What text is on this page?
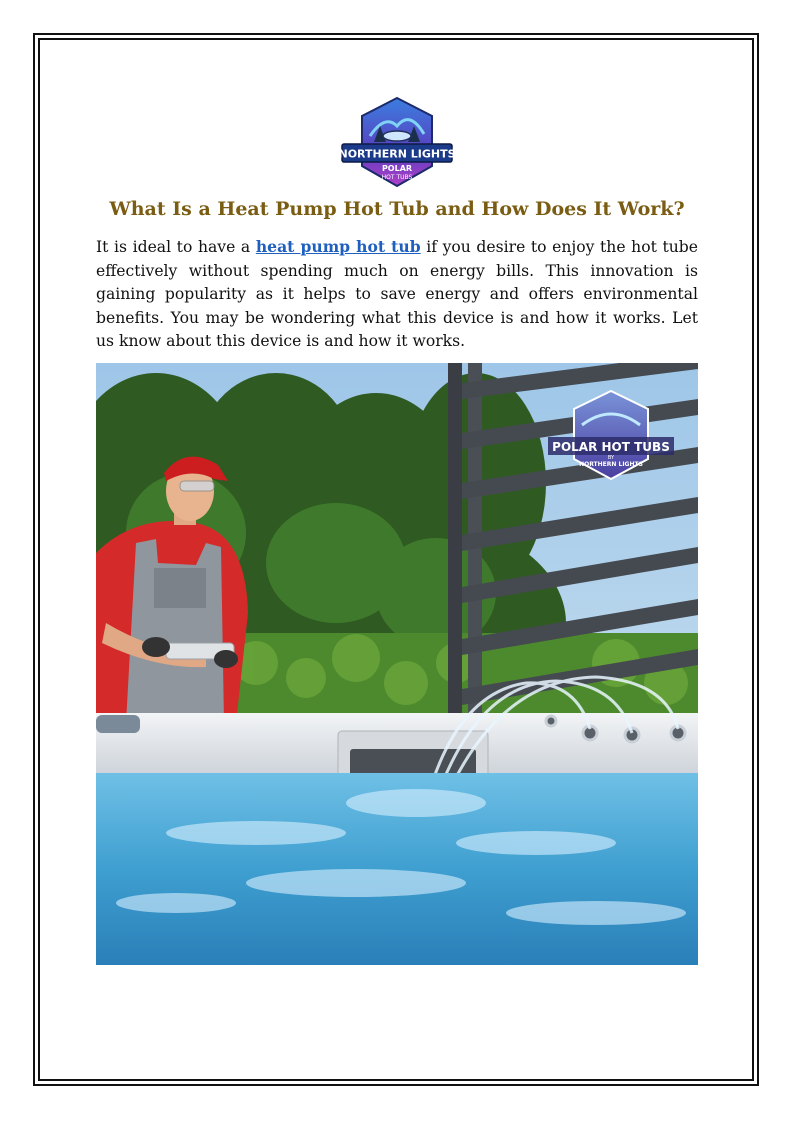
NORTHERN LIGHTS
POLAR
HOT TUBS
What Is a Heat Pump Hot Tub and How Does It Work?

It is ideal to have a heat pump hot tub if you desire to enjoy the hot tube effectively without spending much on energy bills. This innovation is gaining popularity as it helps to save energy and offers environmental benefits. You may be wondering what this device is and how it works. Let us know about this device is and how it works.

POLAR HOT TUBS
BY
NORTHERN LIGHTS
